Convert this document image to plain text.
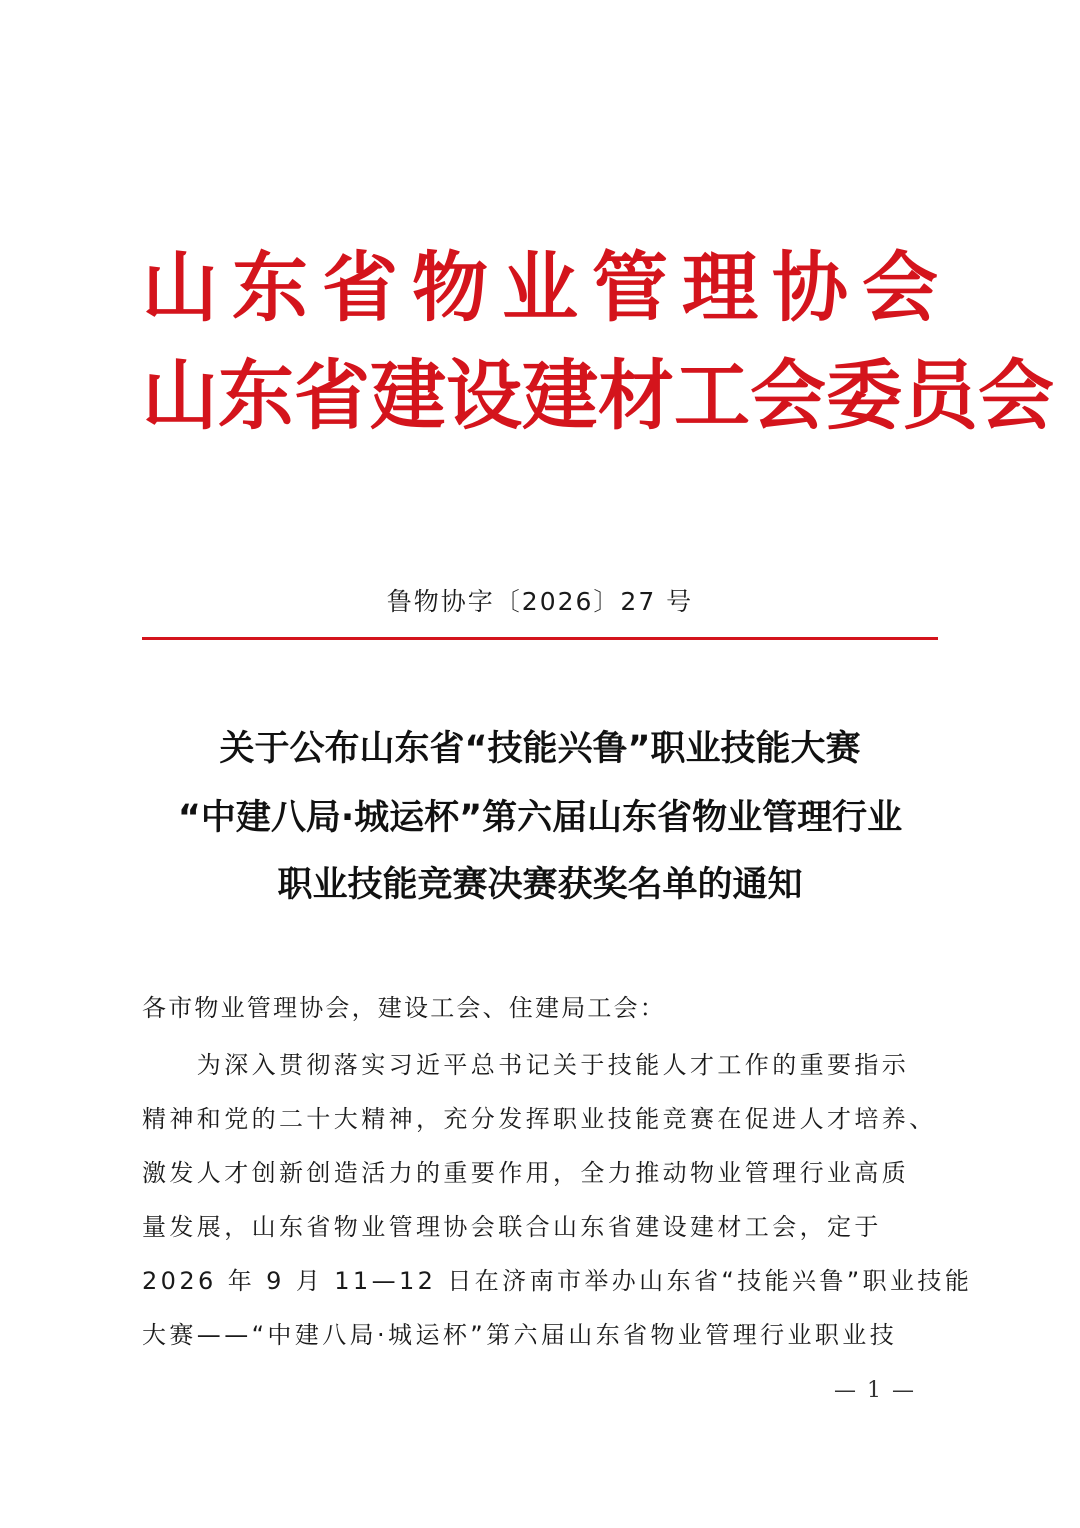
山 东 省 物 业 管 理 协 会
山 东 省 建 设 建 材 工 会 委 员 会
鲁物协字〔2026〕27 号
关于公布山东省“技能兴鲁”职业技能大赛
“中建八局·城运杯”第六届山东省物业管理行业
职业技能竞赛决赛获奖名单的通知
各市物业管理协会，建设工会、住建局工会：
　　为深入贯彻落实习近平总书记关于技能人才工作的重要指示
精神和党的二十大精神，充分发挥职业技能竞赛在促进人才培养、
激发人才创新创造活力的重要作用，全力推动物业管理行业高质
量发展，山东省物业管理协会联合山东省建设建材工会，定于
2026 年 9 月 11—12 日在济南市举办山东省“技能兴鲁”职业技能
大赛——“中建八局·城运杯”第六届山东省物业管理行业职业技
— 1 —
